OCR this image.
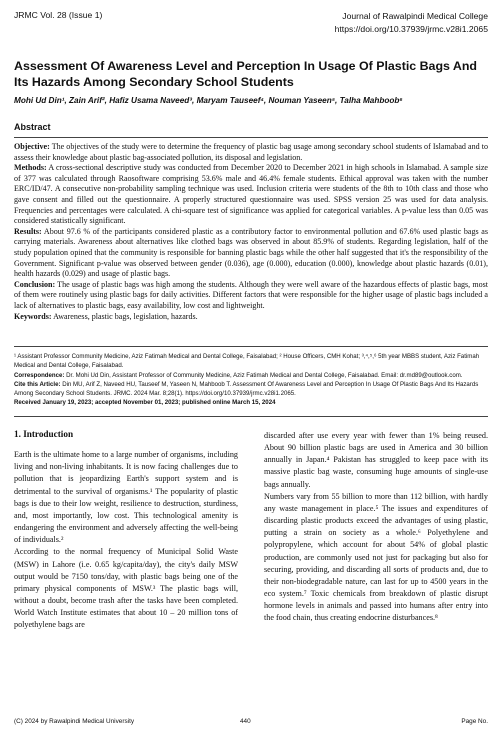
JRMC Vol. 28 (Issue 1)	Journal of Rawalpindi Medical College
https://doi.org/10.37939/jrmc.v28i1.2065
Assessment Of Awareness Level and Perception In Usage Of Plastic Bags And Its Hazards Among Secondary School Students
Mohi Ud Din¹, Zain Arif², Hafiz Usama Naveed³, Maryam Tauseef⁴, Nouman Yaseen⁵, Talha Mahboob⁶
Abstract

Objective: The objectives of the study were to determine the frequency of plastic bag usage among secondary school students of Islamabad and to assess their knowledge about plastic bag-associated pollution, its disposal and legislation.

Methods: A cross-sectional descriptive study was conducted from December 2020 to December 2021 in high schools in Islamabad. A sample size of 377 was calculated through Raosoftware comprising 53.6% male and 46.4% female students. Ethical approval was taken with the number ERC/ID/47. A consecutive non-probability sampling technique was used. Inclusion criteria were students of the 8th to 10th class and those who gave consent and filled out the questionnaire. A properly structured questionnaire was used. SPSS version 25 was used for data analysis. Frequencies and percentages were calculated. A chi-square test of significance was applied for categorical variables. A p-value less than 0.05 was considered statistically significant.

Results: About 97.6 % of the participants considered plastic as a contributory factor to environmental pollution and 67.6% used plastic bags as carrying materials. Awareness about alternatives like clothed bags was observed in about 85.9% of students. Regarding legislation, half of the study population opined that the community is responsible for banning plastic bags while the other half suggested that it's the responsibility of the Government. Significant p-value was observed between gender (0.036), age (0.000), education (0.000), knowledge about plastic hazards (0.01), health hazards (0.029) and usage of plastic bags.

Conclusion: The usage of plastic bags was high among the students. Although they were well aware of the hazardous effects of plastic bags, most of them were routinely using plastic bags for daily activities. Different factors that were responsible for the higher usage of plastic bags included a lack of alternatives to plastic bags, easy availability, low cost and lightweight.

Keywords: Awareness, plastic bags, legislation, hazards.

¹ Assistant Professor Community Medicine, Aziz Fatimah Medical and Dental College, Faisalabad; ² House Officers, CMH Kohat; ³,⁴,⁵,⁶ 5th year MBBS student, Aziz Fatimah Medical and Dental College, Faisalabad.

Correspondence: Dr. Mohi Ud Din, Assistant Professor of Community Medicine, Aziz Fatimah Medical and Dental College, Faisalabad. Email: dr.md89@outlook.com.

Cite this Article: Din MU, Arif Z, Naveed HU, Tauseef M, Yaseen N, Mahboob T. Assessment Of Awareness Level and Perception In Usage Of Plastic Bags And Its Hazards Among Secondary School Students. JRMC. 2024 Mar. 8;28(1). https://doi.org/10.37939/jrmc.v28i1.2065.

Received January 19, 2023; accepted November 01, 2023; published online March 15, 2024

1. Introduction

Earth is the ultimate home to a large number of organisms, including living and non-living inhabitants. It is now facing challenges due to pollution that is jeopardizing Earth's support system and is detrimental to the survival of organisms.¹ The popularity of plastic bags is due to their low weight, resilience to destruction, sturdiness, and, most importantly, low cost. This technological amenity is endangering the environment and adversely affecting the well-being of individuals.²

According to the normal frequency of Municipal Solid Waste (MSW) in Lahore (i.e. 0.65 kg/capita/day), the city's daily MSW output would be 7150 tons/day, with plastic bags being one of the primary physical components of MSW.³ The plastic bags will, without a doubt, become trash after the tasks have been completed. World Watch Institute estimates that about 10 – 20 million tons of polyethylene bags are

discarded after use every year with fewer than 1% being reused. About 90 billion plastic bags are used in America and 30 billion annually in Japan.⁴ Pakistan has struggled to keep pace with its massive plastic bag waste, consuming huge amounts of single-use bags annually.

Numbers vary from 55 billion to more than 112 billion, with hardly any waste management in place.⁵ The issues and expenditures of discarding plastic products exceed the advantages of using plastic, putting a strain on society as a whole.⁶ Polyethylene and polypropylene, which account for about 54% of global plastic production, are commonly used not just for packaging but also for securing, providing, and discarding all sorts of products and, due to their non-biodegradable nature, can last for up to 4500 years in the eco system.⁷ Toxic chemicals from breakdown of plastic disrupt hormone levels in animals and passed into humans after entry into the food chain, thus creating endocrine disturbances.⁸

(C) 2024 by Rawalpindi Medical University	440	Page No.
